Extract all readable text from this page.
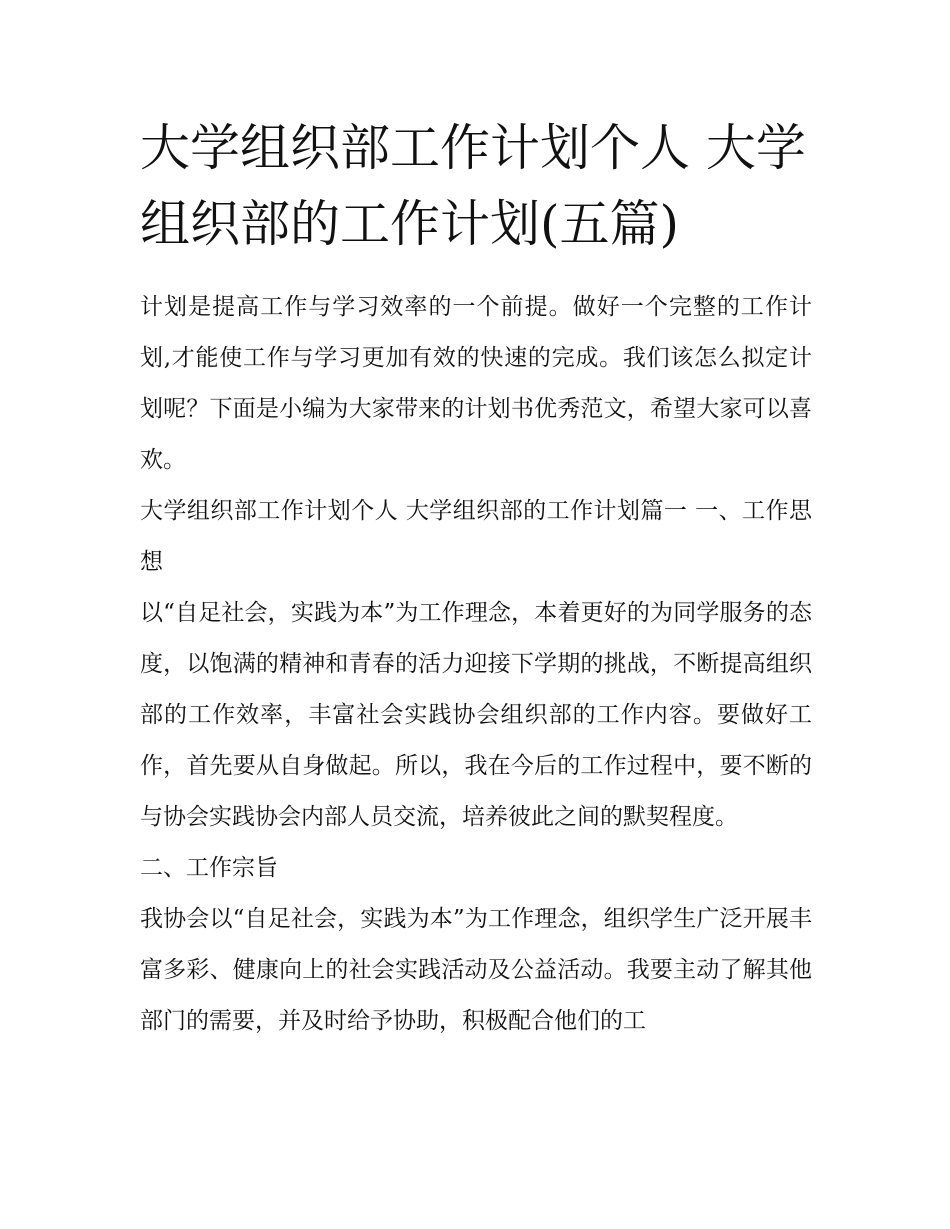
大学组织部工作计划个人 大学组织部的工作计划(五篇)

计划是提高工作与学习效率的一个前提。做好一个完整的工作计划,才能使工作与学习更加有效的快速的完成。我们该怎么拟定计划呢？下面是小编为大家带来的计划书优秀范文，希望大家可以喜欢。

大学组织部工作计划个人 大学组织部的工作计划篇一 一、工作思想

以“自足社会，实践为本”为工作理念，本着更好的为同学服务的态度，以饱满的精神和青春的活力迎接下学期的挑战，不断提高组织部的工作效率，丰富社会实践协会组织部的工作内容。要做好工作，首先要从自身做起。所以，我在今后的工作过程中，要不断的与协会实践协会内部人员交流，培养彼此之间的默契程度。

二、工作宗旨

我协会以“自足社会，实践为本”为工作理念，组织学生广泛开展丰富多彩、健康向上的社会实践活动及公益活动。我要主动了解其他部门的需要，并及时给予协助，积极配合他们的工
